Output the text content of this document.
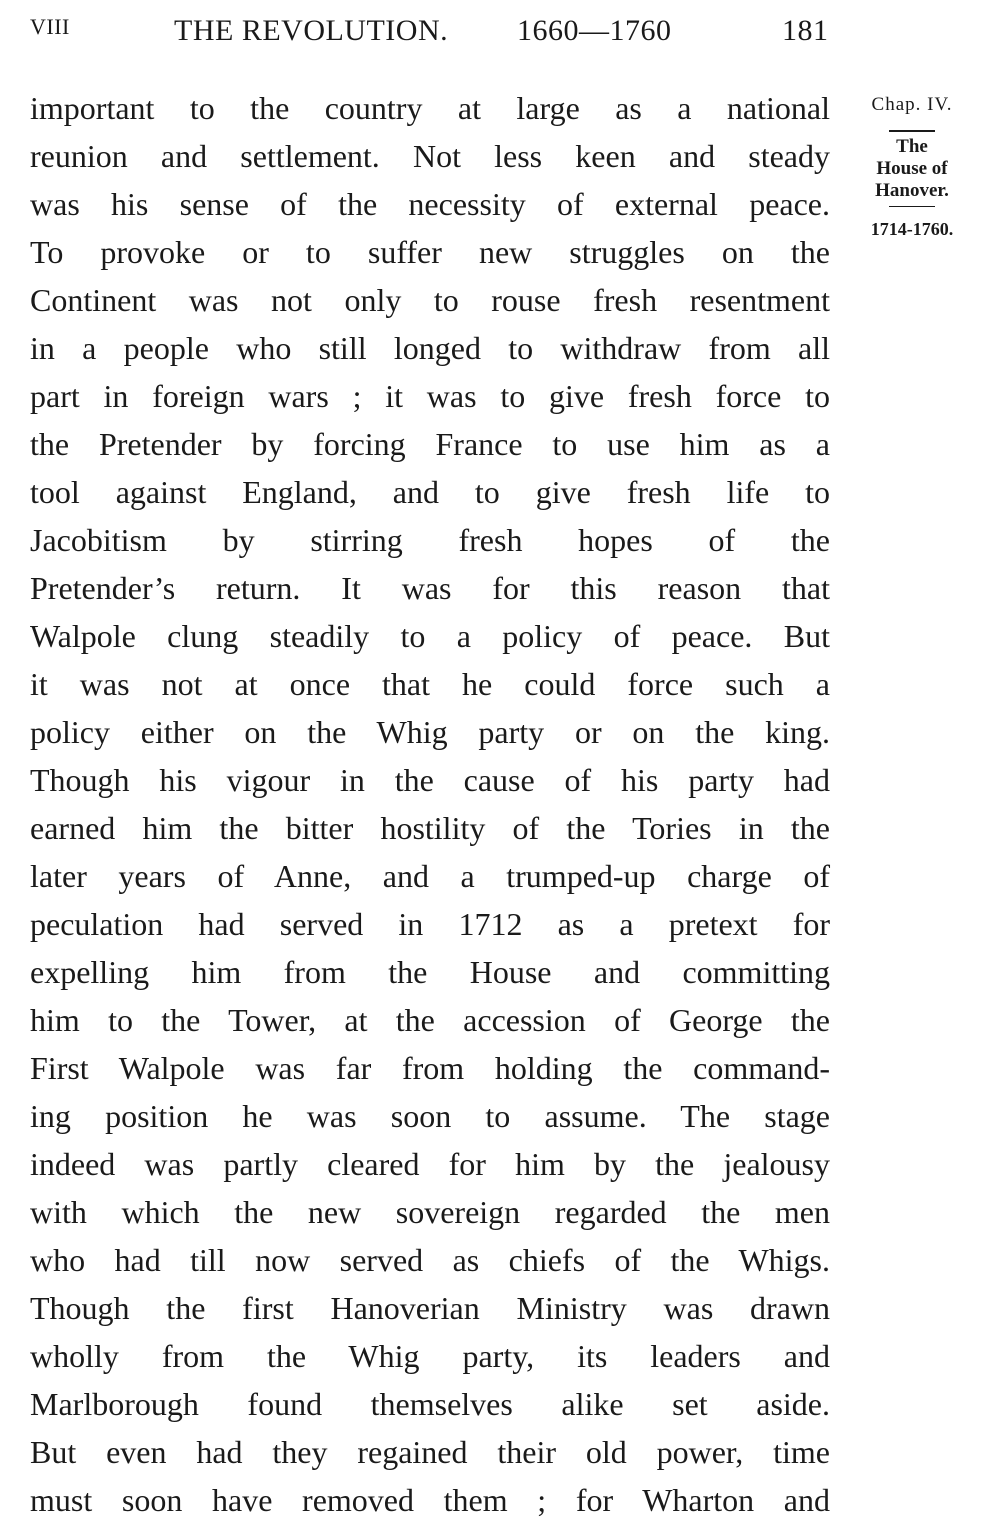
VIII	THE REVOLUTION. 1660—1760	181
important to the country at large as a national
reunion and settlement. Not less keen and steady
was his sense of the necessity of external peace.
To provoke or to suffer new struggles on the
Continent was not only to rouse fresh resentment
in a people who still longed to withdraw from all
part in foreign wars ; it was to give fresh force to
the Pretender by forcing France to use him as a
tool against England, and to give fresh life to
Jacobitism by stirring fresh hopes of the
Pretender’s return. It was for this reason that
Walpole clung steadily to a policy of peace. But
it was not at once that he could force such a
policy either on the Whig party or on the king.
Though his vigour in the cause of his party had
earned him the bitter hostility of the Tories in the
later years of Anne, and a trumped-up charge of
peculation had served in 1712 as a pretext for
expelling him from the House and committing
him to the Tower, at the accession of George the
First Walpole was far from holding the command-
ing position he was soon to assume. The stage
indeed was partly cleared for him by the jealousy
with which the new sovereign regarded the men
who had till now served as chiefs of the Whigs.
Though the first Hanoverian Ministry was drawn
wholly from the Whig party, its leaders and
Marlborough found themselves alike set aside.
But even had they regained their old power, time
must soon have removed them ; for Wharton and
Chap. IV.
The
House of
Hanover.
1714-1760.
